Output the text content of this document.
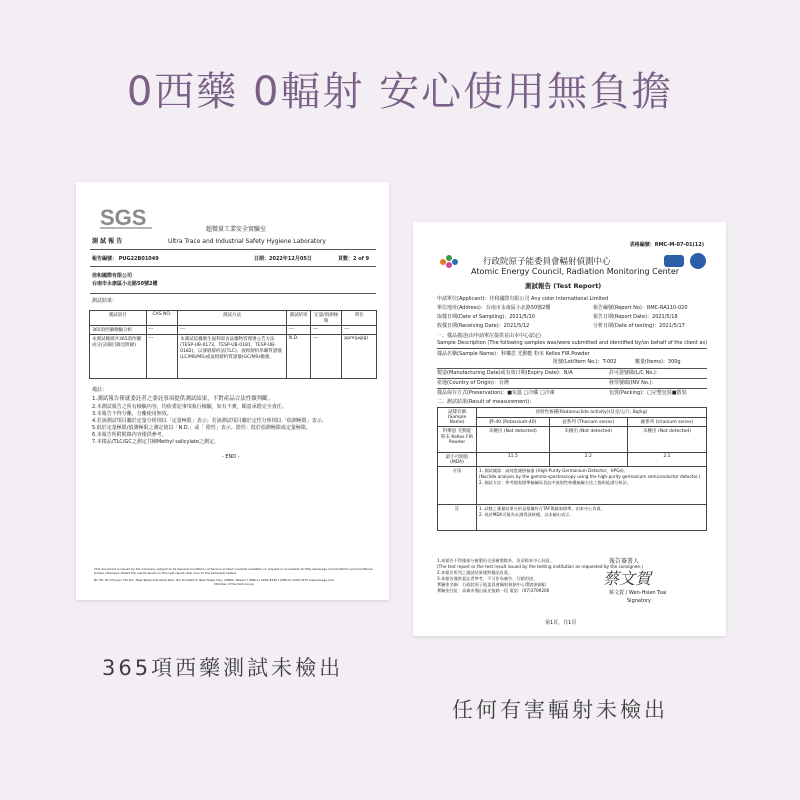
0西藥 0輻射 安心使用無負擔
SGS	超微量工業安全實驗室
測 試 報 告	Ultra Trace and Industrial Safety Hygiene Laboratory
報告編號： PUG22B01049	日期：2022年12月05日	頁數：2 of 9
佳和國際有限公司
台南市永康區小北路50號2樓
測試結果：
測試項目	CAS NO.	測試方法	測試結果	定量/偵測極限	單位
365項西藥檢驗分析	---	---	---	---	---
本測試檢測共365項西藥成分(詳細目錄見附錄)	---	本測試依據衛生福利部食品藥物管理署公告方法(TESP-UB-0173，TESP-UB-0181，TESP-UB-0182)，以薄層層析法(TLC)、液相層析串聯質譜儀(LC/MS/MS)或氣相層析質譜儀(GC/MS)檢測。	N.D.	---	ppm(μg/g)
備註：
1.測試報告僅就委託者之委託事項提供測試結果，不對產品合法性做判斷。
2.本測試報告之所有檢驗內容，均依委託事項執行檢驗，如有不實，願意承擔完全責任。
3.本報告不得分離，分離使用無效。
4.若該測試項目屬於定量分析則以「定量極限」表示；若該測試項目屬於定性分析則以「偵測極限」表示。
5.低於定量極限/偵測極限之測定值以「N.D.」或「 陰性」表示。陰性：低於偵測極限或定量極限。
6.本報告所附附錄內容僅供參考。
7.本樣品/TLC/GC之測定共檢Methyl salicylate之測定。
- END -
This document is issued by the Company subject to its General Conditions of Service printed overleaf, available on request or accessible at http://www.sgs.com/en/Terms-and-Conditions.
Unless otherwise stated the results shown in this test report refer only to the sample(s) tested.
No.38, Wu Chyuan 7th Rd., New Taipei Industrial Park, Wu Ku District, New Taipei City, 24890, Taiwan t (886-2) 2299-3939 f (886-2) 2299-3237 www.tw.sgs.com
Member of the SGS Group
表格編號：RMC-M-07-01(12)
行政院原子能委員會輻射偵測中心
Atomic Energy Council, Radiation Monitoring Center
測試報告 (Test Report)
申請單位(Applicant)：佳和國際有限公司 Any color International Limited
單位地址(Address)：台南市永康區小北路50號2樓	報告編號(Report No)：RMC-RA110-020
取樣日期(Date of Sampling)：2021/5/10	報告日期(Report Date)：2021/5/18
收樣日期(Receiving Date)：2021/5/12	分析日期(Date of testing)：2021/5/17
一、樣品描述(由申請單位提供並由本中心認定)
Sample Description (The following samples was/were submitted and identified by/on behalf of the client as)
樣品名稱(Sample Name)：科樂思 光動能 粉末 Kellos FIR Powder
批號(Lot/Item No.)：T-002	數量(Items)：300g
製造(Manufacturing Date)或有效日期(Expiry Date)：N/A	許可證號碼(L/C No.)：
產地(Country of Origin)：台灣	發票號碼(INV No.)：
樣品保存方式(Preservation)：■室溫 □冷藏 □冷凍	包裝(Packing)：□完整包裝■散裝
二、測試結果(Result of measurement)：
試樣名稱(Sample Name)	放射性核種(Radionuclide activity)(貝克/公斤, Bq/kg)		
	鉀-40 (Potassium-40)	釷系列 (Thorium series)	鈾系列 (Uranium series)
科樂思 光動能 粉末 Kellos FIR Powder	未檢出 (Not detected)	未檢出 (Not detected)	未檢出 (Not detected)
最小可測值(MDA)	11.5	2.2	2.1
方法	1. 測試儀器：高純度鍺偵檢器 (High-Purity Germanium Detector，HPGe)。
(Nuclide analysis by the gamma-spectroscopy using the high-purity germanium semiconductor detector.)
2. 測試方法：參考國家標準檢驗局食品中放射性核種檢驗方法之伽馬能譜分析法。		

註	1. 試樣之測量結果分析是根據符合TAF與國家標準，由本中心負責。
2. 低於MDA可視為未測得該核種，以未檢出表示。		
1.本報告不得僅部分複製但全部複製除外，但須經本中心同意。
(The test report or the test result issued by the testing institution as requested by the consignee.)
2.本報告所列之測試結果僅對樣品負責。
3.本報告僅供委託者參考，不可作為廣告、行銷用途。
實驗室名稱：行政院原子能委員會輻射偵測中心環境偵測組
實驗室住址：高雄市鳳山區光復路一段 電話：(07)3709206
報告簽署人
蔡文賀
蔡文賀 / Wen-Hsien Tsai
Signatory
第1頁，共1頁
365項西藥測試未檢出
任何有害輻射未檢出
